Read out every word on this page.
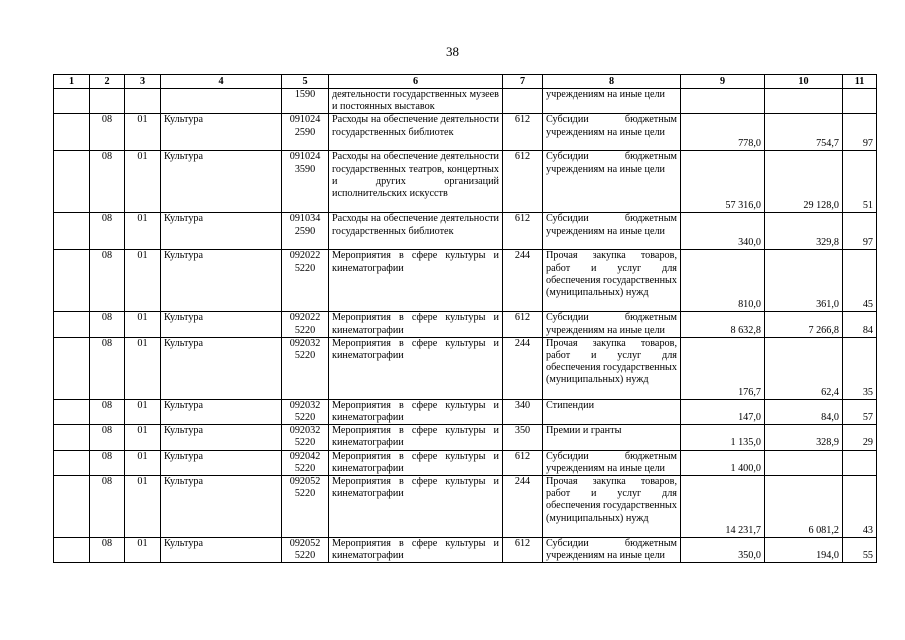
38
1	2	3	4	5	6	7	8	9	10	11
				1590	деятельности государственных музеев и постоянных выставок		учреждениям на иные цели			
	08	01	Культура	091024 2590	Расходы на обеспечение деятельности государственных библиотек	612	Субсидии бюджетным учреждениям на иные цели	778,0	754,7	97
	08	01	Культура	091024 3590	Расходы на обеспечение деятельности государственных театров, концертных и других организаций исполнительских искусств	612	Субсидии бюджетным учреждениям на иные цели	57 316,0	29 128,0	51
	08	01	Культура	091034 2590	Расходы на обеспечение деятельности государственных библиотек	612	Субсидии бюджетным учреждениям на иные цели	340,0	329,8	97
	08	01	Культура	092022 5220	Мероприятия в сфере культуры и кинематографии	244	Прочая закупка товаров, работ и услуг для обеспечения государственных (муниципальных) нужд	810,0	361,0	45
	08	01	Культура	092022 5220	Мероприятия в сфере культуры и кинематографии	612	Субсидии бюджетным учреждениям на иные цели	8 632,8	7 266,8	84
	08	01	Культура	092032 5220	Мероприятия в сфере культуры и кинематографии	244	Прочая закупка товаров, работ и услуг для обеспечения государственных (муниципальных) нужд	176,7	62,4	35
	08	01	Культура	092032 5220	Мероприятия в сфере культуры и кинематографии	340	Стипендии	147,0	84,0	57
	08	01	Культура	092032 5220	Мероприятия в сфере культуры и кинематографии	350	Премии и гранты	1 135,0	328,9	29
	08	01	Культура	092042 5220	Мероприятия в сфере культуры и кинематографии	612	Субсидии бюджетным учреждениям на иные цели	1 400,0		
	08	01	Культура	092052 5220	Мероприятия в сфере культуры и кинематографии	244	Прочая закупка товаров, работ и услуг для обеспечения государственных (муниципальных) нужд	14 231,7	6 081,2	43
	08	01	Культура	092052 5220	Мероприятия в сфере культуры и кинематографии	612	Субсидии бюджетным учреждениям на иные цели	350,0	194,0	55
